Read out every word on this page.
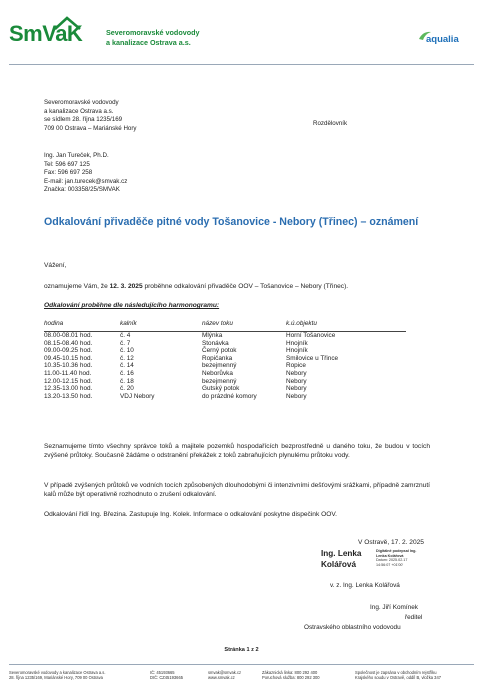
SmVaK	Severomoravské vodovody
a kanalizace Ostrava a.s.	aqualia
Severomoravské vodovody
a kanalizace Ostrava a.s.
se sídlem 28. října 1235/169
709 00 Ostrava – Mariánské Hory
Rozdělovník
Ing. Jan Tureček, Ph.D.
Tel: 596 697 125
Fax: 596 697 258
E-mail: jan.turecek@smvak.cz
Značka: 003358/25/SMVAK
Odkalování přivaděče pitné vody Tošanovice - Nebory (Třinec) – oznámení
Vážení,
oznamujeme Vám, že 12. 3. 2025 proběhne odkalování přivaděče OOV – Tošanovice – Nebory (Třinec).
Odkalování proběhne dle následujícího harmonogramu:
hodina	kalník	název toku	k.ú.objektu

08.00-08.01 hod.	č. 4	Mlýnka	Horní Tošanovice
08.15-08.40 hod.	č. 7	Stonávka	Hnojník
09.00-09.25 hod.	č. 10	Černý potok	Hnojník
09.45-10.15 hod.	č. 12	Ropičanka	Smilovice u Třince
10.35-10.36 hod.	č. 14	bezejmenný	Ropice
11.00-11.40 hod.	č. 16	Neborůvka	Nebory
12.00-12.15 hod.	č. 18	bezejmenný	Nebory
12.35-13.00 hod.	č. 20	Gutský potok	Nebory
13.20-13.50 hod.	VDJ Nebory	do prázdné komory	Nebory
Seznamujeme tímto všechny správce toků a majitele pozemků hospodařících bezprostředně u daného toku, že budou v tocích zvýšené průtoky. Současně žádáme o odstranění překážek z toků zabraňujících plynulému průtoku vody.
V případě zvýšených průtoků ve vodních tocích způsobených dlouhodobými či intenzivními dešťovými srážkami, případně zamrznutí kalů může být operativně rozhodnuto o zrušení odkalování.
Odkalování řídí Ing. Březina. Zastupuje Ing. Kolek. Informace o odkalování poskytne dispečink OOV.
V Ostravě, 17. 2. 2025
Ing. Lenka
Kolářová
Digitálně podepsal Ing.
Lenka Kolářová
Datum: 2025.02.17
14:56:07 +01'00'
v. z. Ing. Lenka Kolářová
Ing. Jiří Komínek
ředitel
Ostravského oblastního vodovodu
Stránka 1 z 2
Severomoravské vodovody a kanalizace Ostrava a.s.
28. října 1235/169, Mariánské Hory, 709 00 Ostrava
IČ: 45193665
DIČ: CZ45193665
smvak@smvak.cz
www.smvak.cz
Zákaznická linka: 800 292 400
Poruchová služba: 800 292 300
Společnost je zapsána v obchodním rejstříku
Krajského soudu v Ostravě, oddíl B, vložka 347
